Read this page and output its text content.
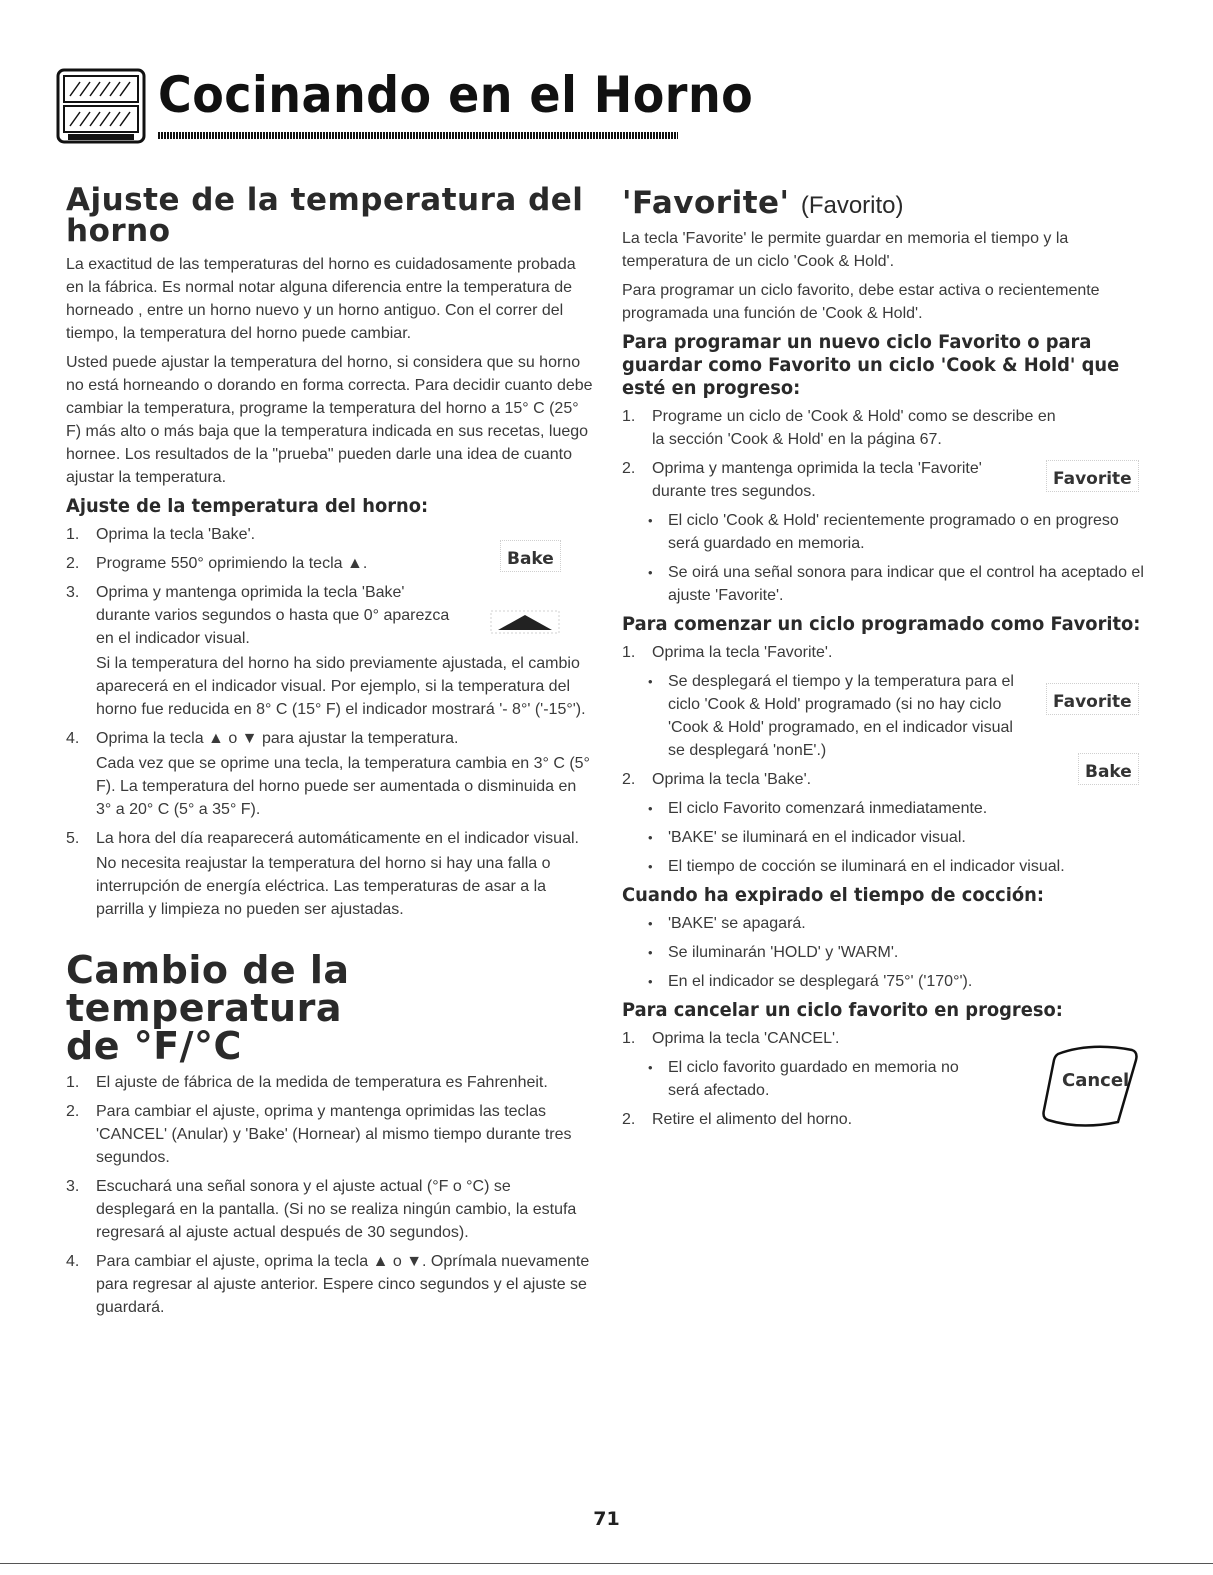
Cocinando en el Horno
Ajuste de la temperatura del
horno

La exactitud de las temperaturas del horno es cuidadosamente probada en la fábrica. Es normal notar alguna diferencia entre la temperatura de horneado , entre un horno nuevo y un horno antiguo. Con el correr del tiempo, la temperatura del horno puede cambiar.

Usted puede ajustar la temperatura del horno, si considera que su horno no está horneando o dorando en forma correcta. Para decidir cuanto debe cambiar la temperatura, programe la temperatura del horno a 15° C (25° F) más alto o más baja que la temperatura indicada en sus recetas, luego hornee. Los resultados de la "prueba" pueden darle una idea de cuanto ajustar la temperatura.

Ajuste de la temperatura del horno:
1. Oprima la tecla 'Bake'.
2. Programe 550° oprimiendo la tecla ▲.
3. Oprima y mantenga oprimida la tecla 'Bake' durante varios segundos o hasta que 0° aparezca en el indicador visual.

Si la temperatura del horno ha sido previamente ajustada, el cambio aparecerá en el indicador visual. Por ejemplo, si la temperatura del horno fue reducida en 8° C (15° F) el indicador mostrará '- 8°' ('-15°').

4. Oprima la tecla ▲ o ▼ para ajustar la temperatura.

Cada vez que se oprime una tecla, la temperatura cambia en 3° C (5° F). La temperatura del horno puede ser aumentada o disminuida en 3° a 20° C (5° a 35° F).

5. La hora del día reaparecerá automáticamente en el indicador visual.

No necesita reajustar la temperatura del horno si hay una falla o interrupción de energía eléctrica. Las temperaturas de asar a la parrilla y limpieza no pueden ser ajustadas.

Cambio de la temperatura
de °F/°C
1. El ajuste de fábrica de la medida de temperatura es Fahrenheit.
2. Para cambiar el ajuste, oprima y mantenga oprimidas las teclas 'CANCEL' (Anular) y 'Bake' (Hornear) al mismo tiempo durante tres segundos.
3. Escuchará una señal sonora y el ajuste actual (°F o °C) se desplegará en la pantalla. (Si no se realiza ningún cambio, la estufa regresará al ajuste actual después de 30 segundos).
4. Para cambiar el ajuste, oprima la tecla ▲ o ▼. Oprímala nuevamente para regresar al ajuste anterior. Espere cinco segundos y el ajuste se guardará.
Bake
'Favorite' (Favorito)

La tecla 'Favorite' le permite guardar en memoria el tiempo y la temperatura de un ciclo 'Cook & Hold'.

Para programar un ciclo favorito, debe estar activa o recientemente programada una función de 'Cook & Hold'.

Para programar un nuevo ciclo Favorito o para guardar como Favorito un ciclo 'Cook & Hold' que esté en progreso:
1. Programe un ciclo de 'Cook & Hold' como se describe en la sección 'Cook & Hold' en la página 67.
2. Oprima y mantenga oprimida la tecla 'Favorite' durante tres segundos.
• El ciclo 'Cook & Hold' recientemente programado o en progreso será guardado en memoria.
• Se oirá una señal sonora para indicar que el control ha aceptado el ajuste 'Favorite'.
Para comenzar un ciclo programado como Favorito:
1. Oprima la tecla 'Favorite'.
• Se desplegará el tiempo y la temperatura para el ciclo 'Cook & Hold' programado (si no hay ciclo 'Cook & Hold' programado, en el indicador visual se desplegará 'nonE'.)
2. Oprima la tecla 'Bake'.
• El ciclo Favorito comenzará inmediatamente.
• 'BAKE' se iluminará en el indicador visual.
• El tiempo de cocción se iluminará en el indicador visual.
Cuando ha expirado el tiempo de cocción:
• 'BAKE' se apagará.
• Se iluminarán 'HOLD' y 'WARM'.
• En el indicador se desplegará '75°' ('170°').
Para cancelar un ciclo favorito en progreso:
1. Oprima la tecla 'CANCEL'.
• El ciclo favorito guardado en memoria no será afectado.
2. Retire el alimento del horno.
Favorite
Favorite
Bake
Cancel
71
